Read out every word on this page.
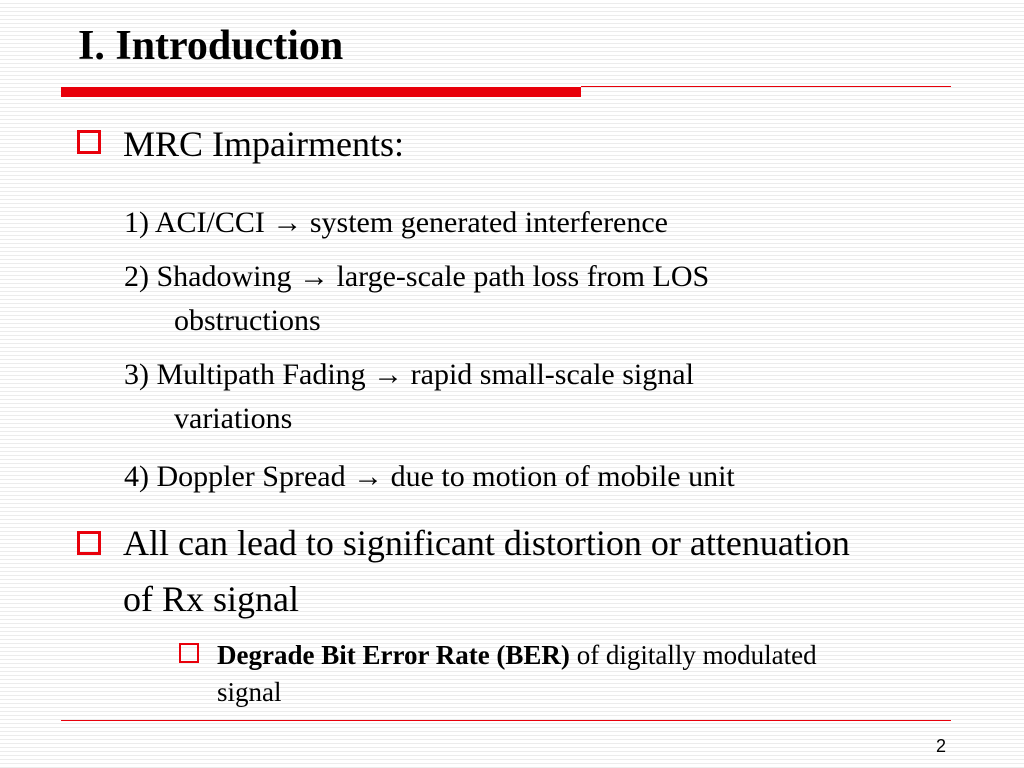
I. Introduction
MRC Impairments:
1) ACI/CCI → system generated interference
2) Shadowing → large-scale path loss from LOS
obstructions
3) Multipath Fading → rapid small-scale signal
variations
4) Doppler Spread → due to motion of mobile unit
All can lead to significant distortion or attenuation
of Rx signal
Degrade Bit Error Rate (BER) of digitally modulated
signal
2
